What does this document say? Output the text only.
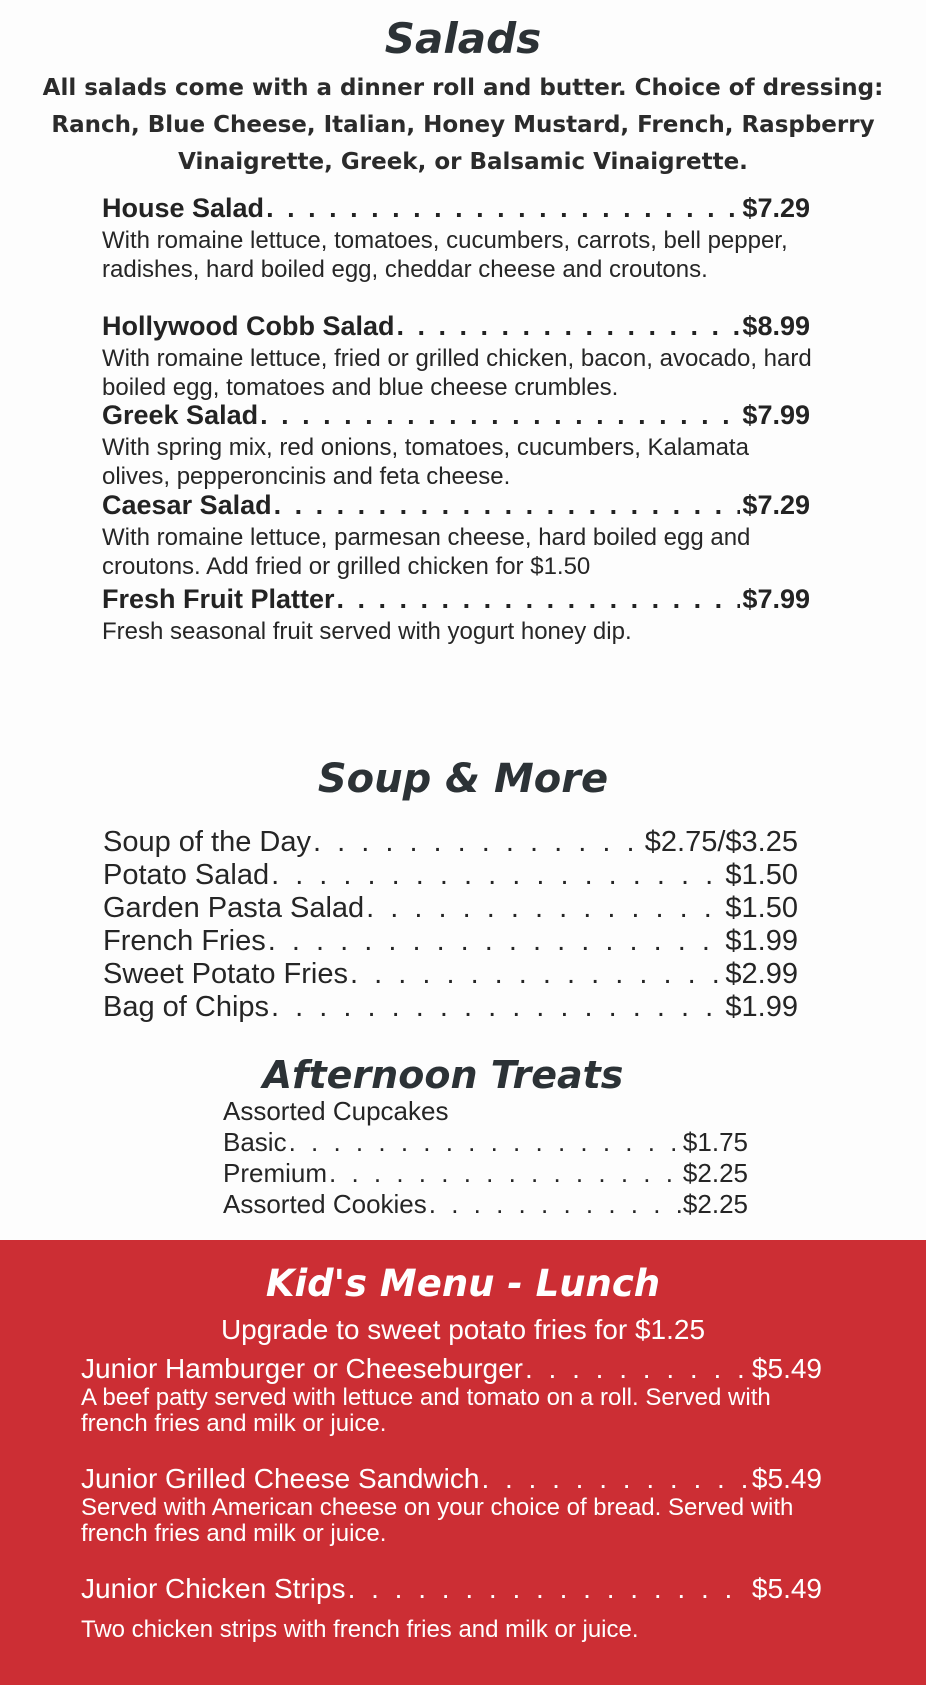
Salads
All salads come with a dinner roll and butter. Choice of dressing: Ranch, Blue Cheese, Italian, Honey Mustard, French, Raspberry Vinaigrette, Greek, or Balsamic Vinaigrette.
House Salad . . .	$7.29
With romaine lettuce, tomatoes, cucumbers, carrots, bell pepper, radishes, hard boiled egg, cheddar cheese and croutons.
Hollywood Cobb Salad . . .	$8.99
With romaine lettuce, fried or grilled chicken, bacon, avocado, hard boiled egg, tomatoes and blue cheese crumbles.
Greek Salad . . .	$7.99
With spring mix, red onions, tomatoes, cucumbers, Kalamata olives, pepperoncinis and feta cheese.
Caesar Salad . . .	$7.29
With romaine lettuce, parmesan cheese, hard boiled egg and croutons. Add fried or grilled chicken for $1.50
Fresh Fruit Platter . . .	$7.99
Fresh seasonal fruit served with yogurt honey dip.
Soup & More
Soup of the Day . . .	$2.75/$3.25
Potato Salad . . .	$1.50
Garden Pasta Salad . . .	$1.50
French Fries . . .	$1.99
Sweet Potato Fries . . .	$2.99
Bag of Chips . . .	$1.99
Afternoon Treats
Assorted Cupcakes
Basic . . .	$1.75
Premium . . .	$2.25
Assorted Cookies . . .	$2.25
Kid's Menu - Lunch
Upgrade to sweet potato fries for $1.25
Junior Hamburger or Cheeseburger . . .	$5.49
A beef patty served with lettuce and tomato on a roll. Served with french fries and milk or juice.
Junior Grilled Cheese Sandwich . . .	$5.49
Served with American cheese on your choice of bread. Served with french fries and milk or juice.
Junior Chicken Strips . . .	$5.49
Two chicken strips with french fries and milk or juice.
